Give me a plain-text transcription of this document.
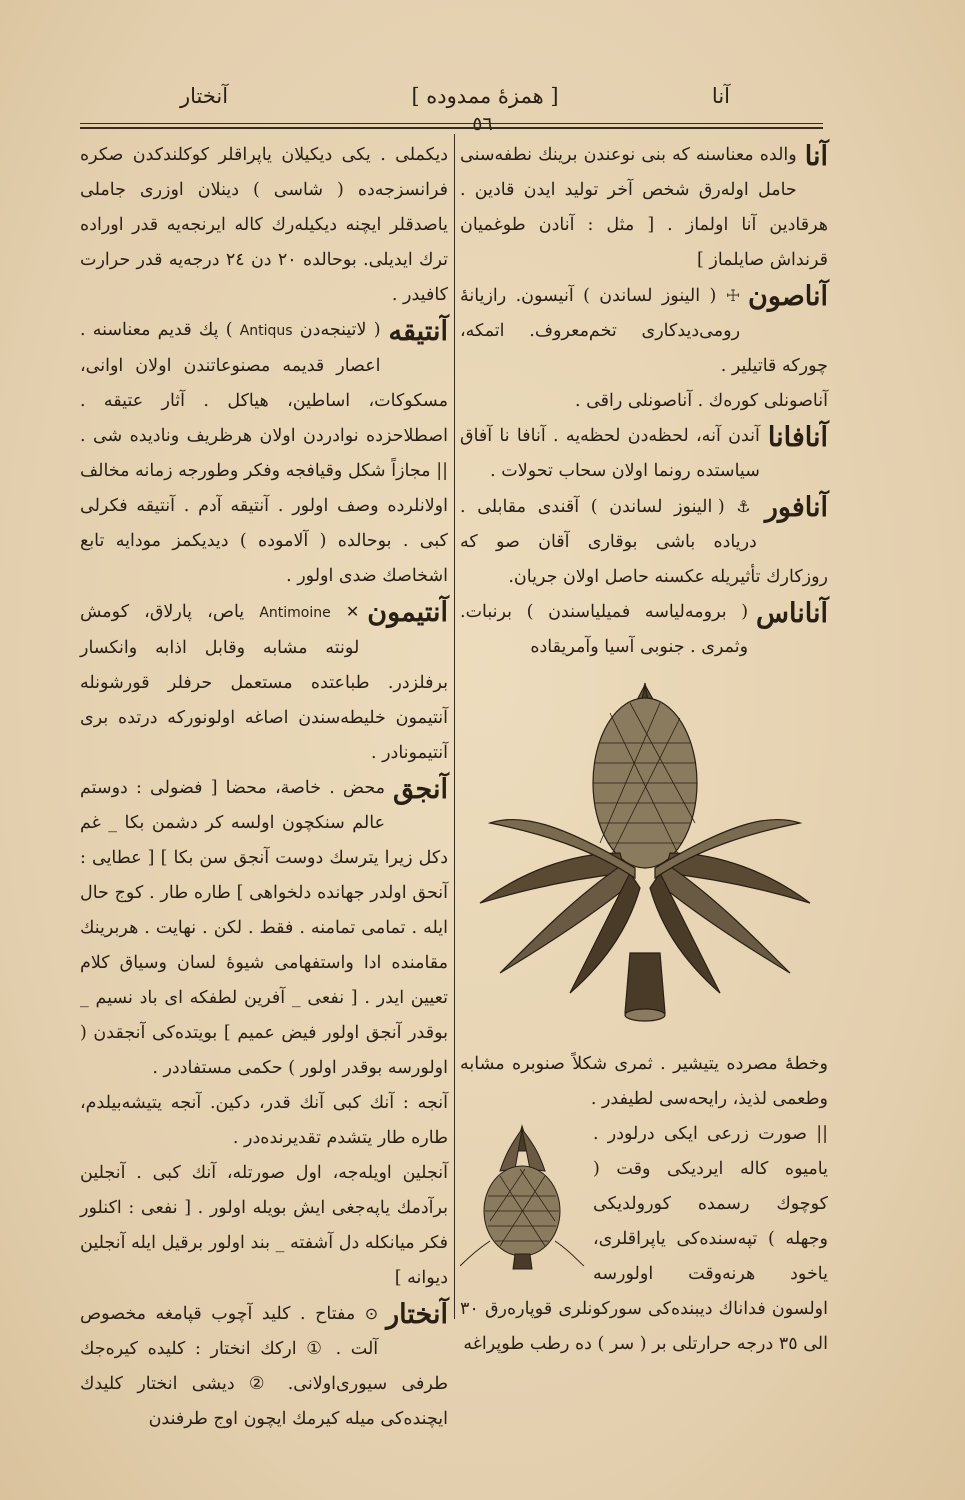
آنا
[ همزهٔ ممدوده ]
آنختار
٥٦
آنا

والده معناسنه که بنی نوعندن برینك نطفه‌سنی حامل اولەرق شخص آخر تولید ایدن قادین . هرقادین آنا اولماز . [ مثل : آنادن طوغمیان قرنداش صایلماز ]

آناصون

☩ ( الینوز لساندن ) آنیسون. رازیانهٔ رومی‌دیدکاری تخم‌معروف. اتمکه، چورکه قاتیلیر .

آناصونلی کورەك . آناصونلی راقی .

آنافانا

آندن آنه، لحظەدن لحظەیه . آنافا نا آفاق سیاستده رونما اولان سحاب تحولات .

آنافور

⚓ ( الینوز لساندن ) آقندی مقابلی . دریاده باشی بوقاری آقان صو که روزکارك تأثیریله عکسنه حاصل اولان جریان.

آناناس

( برومەلیاسه فمیلیاسندن ) برنبات. وثمری . جنوبی آسیا وآمریقاده

وخطهٔ مصرده یتیشیر . ثمری شکلاً صنوبره مشابه وطعمی لذیذ، رایحه‌سی لطیفدر .

|| صورت زرعی ایکی درلودر . یامیوه کاله ایردیکی وقت ( کوچوك رسمده کورولدیکی وجهله ) تپه‌سنده‌کی یاپراقلری، یاخود هرنه‌وقت اولورسه اولسون فداناك دیبنده‌کی سورکونلری قوپارەرق ٣٠ الی ٣٥ درجه حرارتلی بر ( سر ) ده رطب طوپراغه

دیکملی . یکی دیکیلان یاپراقلر کوکلندکدن صکره فرانسزجه‌ده ( شاسی ) دینلان اوزری جاملی یاصدقلر ایچنه دیکیلەرك کاله ایرنجەیه قدر اوراده ترك ایدیلی. بوحالده ٢٠ دن ٢٤ درجه‌یه قدر حرارت کافیدر .

آنتیقه

( لاتینجەدن Antiqus ) پك قدیم معناسنه . اعصار قدیمه مصنوعاتندن اولان اوانی، مسکوکات، اساطین، هیاکل . آثار عتیقه . اصطلاحزده نوادردن اولان هرظریف ونادیده شی . || مجازاً شکل وقیافجه وفکر وطورجه زمانه مخالف اولانلرده وصف اولور . آنتیقه آدم . آنتیقه فکرلی کبی . بوحالده ( آلامودە ) دیدیکمز مودایه تابع اشخاصك ضدی اولور .

آنتیمون

✕ Antimoine یاص، پارلاق، کومش لونته مشابه وقابل اذابه وانکسار برفلزدر. طباعتده مستعمل حرفلر قورشونله آنتیمون خلیطەسندن اصاغه اولونورکه درتده بری آنتیمونادر .

آنجق

محض . خاصة، محضا [ فضولی : دوستم عالم سنکچون اولسه کر دشمن بکا _ غم دکل زیرا یترسك دوست آنجق سن بکا ] [ عطایی : آنحق اولدر جهانده دلخواهی ] طاره طار . کوج حال ایله . تمامی تمامنه . فقط . لکن . نهایت . هربرینك مقامنده ادا واستفهامی شیوۀ لسان وسیاق کلام تعیین ایدر . [ نفعی _ آفرین لطفکه ای باد نسیم _ بوقدر آنجق اولور فیض عمیم ] بویتده‌کی آنجقدن ( اولورسه بوقدر اولور ) حکمی مستفاددر .

آنجه : آنك کبی آنك قدر، دکین. آنجه یتیشه‌بیلدم، طاره طار یتشدم تقدیرندەدر .

آنجلین اویلەجه، اول صورتله، آنك کبی . آنجلین برآدمك یاپەجغی ایش بویله اولور . [ نفعی : اکنلور فکر میانکله دل آشفته _ بند اولور برقیل ایله آنجلین دیوانه ]

آنختار

⊙ مفتاح . کلید آچوب قپامغه مخصوص آلت . ① اركك انختار : کلیده کیرەجك طرفی سیوری‌اولانی. ② دیشی انختار کلیدك ایچنده‌کی میله کیرمك ایچون اوج طرفندن
